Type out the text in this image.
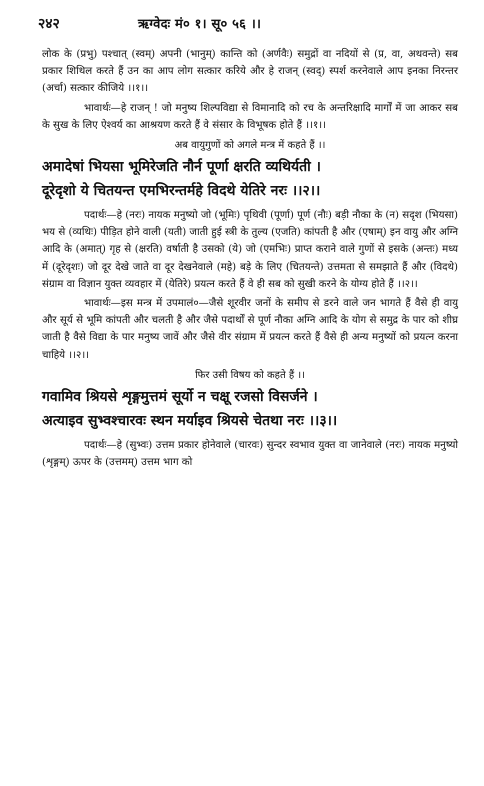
२४२	ऋग्वेदः मं० १। सू० ५६ ।।

लोक के (प्रभु) पश्चात् (स्वम्) अपनी (भानुम्) कान्ति को (अर्णवैः) समुद्रों वा नदियों से (प्र, वा, अथवन्ते) सब प्रकार शिथिल करते हैं उन का आप लोग सत्कार करिये और हे राजन् (स्वद्) स्पर्श करनेवाले आप इनका निरन्तर (अर्चा) सत्कार कीजिये ।।१।।

भावार्थः—हे राजन् ! जो मनुष्य शिल्पविद्या से विमानादि को रच के अन्तरिक्षादि मार्गों में जा आकर सब के सुख के लिए ऐश्वर्य का आश्रयण करते हैं वे संसार के विभूषक होते हैं ।।१।।

अब वायुगुणों को अगले मन्त्र में कहते हैं ।।

अमादेषां भियसा भूमिरेजति नौर्न पूर्णा क्षरति व्यथिर्यती ।

दूरेदृशो ये चितयन्त एमभिरन्तर्महे विदथे येतिरे नरः ।।२।।

पदार्थः—हे (नरः) नायक मनुष्यो जो (भूमिः) पृथिवी (पूर्णा) पूर्ण (नौः) बड़ी नौका के (न) सदृश (भियसा) भय से (व्यथिः) पीड़ित होने वाली (यती) जाती हुई स्त्री के तुल्य (एजति) कांपती है और (एषाम्) इन वायु और अग्नि आदि के (अमात्) गृह से (क्षरति) वर्षाती है उसको (ये) जो (एमभिः) प्राप्त कराने वाले गुणों से इसके (अन्तः) मध्य में (दूरेदृशः) जो दूर देखे जाते वा दूर देखनेवाले (महे) बड़े के लिए (चितयन्ते) उत्तमता से समझाते हैं और (विदथे) संग्राम वा विज्ञान युक्त व्यवहार में (येतिरे) प्रयत्न करते हैं वे ही सब को सुखी करने के योग्य होते हैं ।।२।।

भावार्थः—इस मन्त्र में उपमालं०—जैसे शूरवीर जनों के समीप से डरने वाले जन भागते हैं वैसे ही वायु और सूर्य से भूमि कांपती और चलती है और जैसे पदार्थों से पूर्ण नौका अग्नि आदि के योग से समुद्र के पार को शीघ्र जाती है वैसे विद्या के पार मनुष्य जावें और जैसे वीर संग्राम में प्रयत्न करते हैं वैसे ही अन्य मनुष्यों को प्रयत्न करना चाहिये ।।२।।

फिर उसी विषय को कहते हैं ।।

गवामिव श्रियसे शृङ्गमुत्तमं सूर्यो न चक्षू रजसो विसर्जने ।

अत्याइव सुभ्वश्चारवः स्थन मर्याइव श्रियसे चेतथा नरः ।।३।।

पदार्थः—हे (सुभ्वः) उत्तम प्रकार होनेवाले (चारवः) सुन्दर स्वभाव युक्त वा जानेवाले (नरः) नायक मनुष्यो (शृङ्गम्) ऊपर के (उत्तमम्) उत्तम भाग को
